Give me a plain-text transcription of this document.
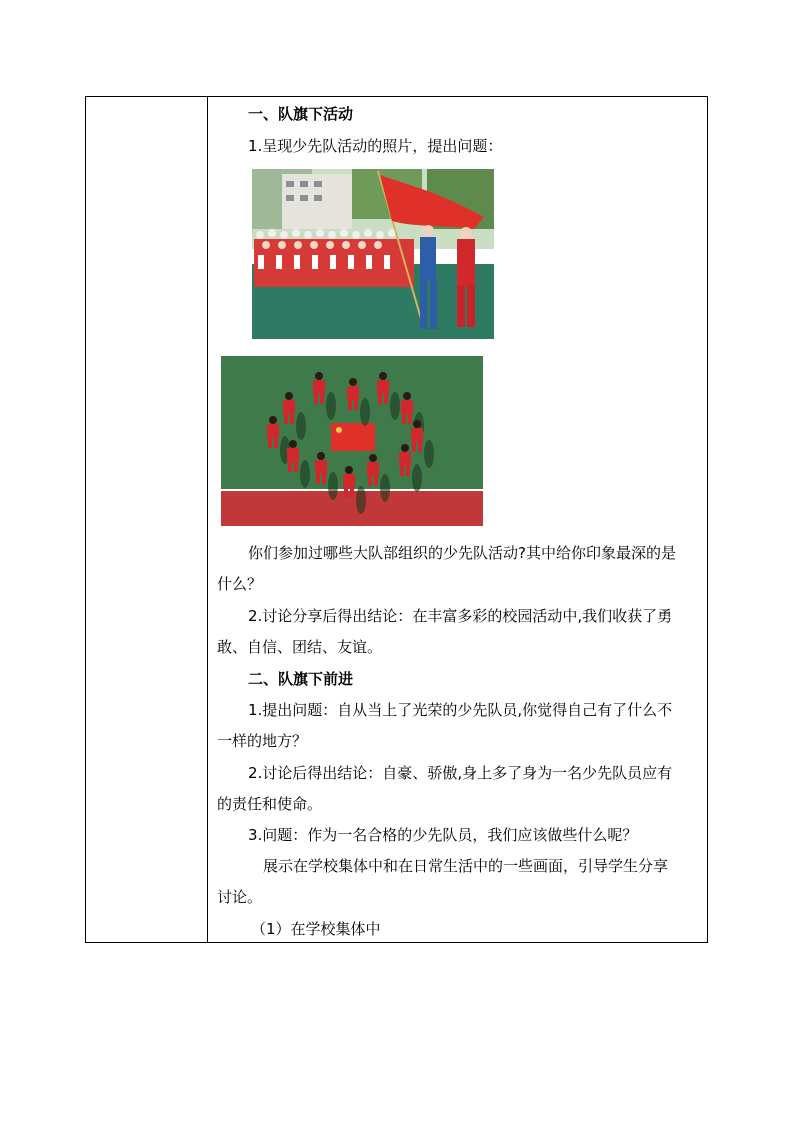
一、队旗下活动
1.呈现少先队活动的照片，提出问题：
你们参加过哪些大队部组织的少先队活动?其中给你印象最深的是
什么？
2.讨论分享后得出结论：在丰富多彩的校园活动中,我们收获了勇
敢、自信、团结、友谊。
二、队旗下前进
1.提出问题：自从当上了光荣的少先队员,你觉得自己有了什么不
一样的地方？
2.讨论后得出结论：自豪、骄傲,身上多了身为一名少先队员应有
的责任和使命。
3.问题：作为一名合格的少先队员，我们应该做些什么呢？
展示在学校集体中和在日常生活中的一些画面，引导学生分享
讨论。
（1）在学校集体中
